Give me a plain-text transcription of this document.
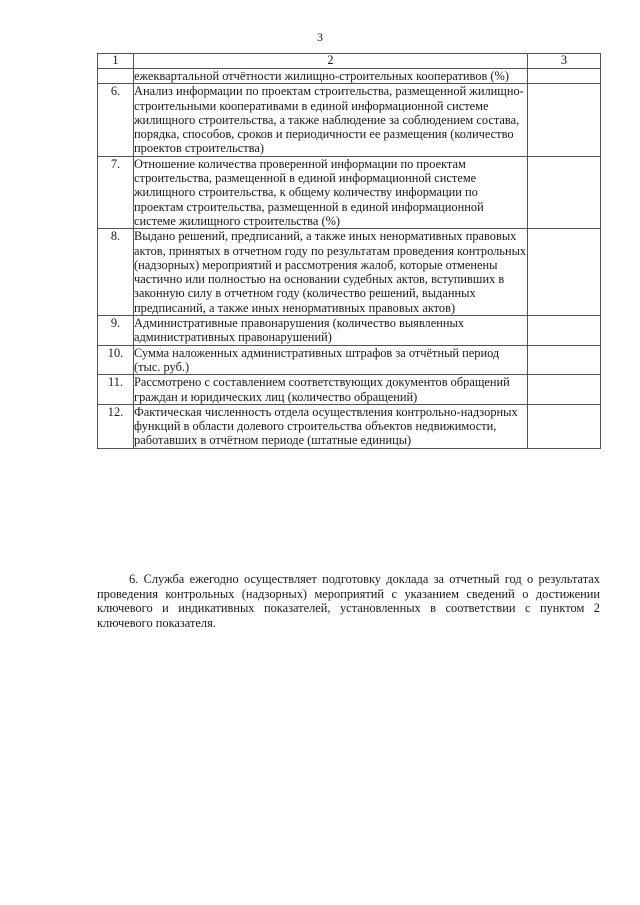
3
1	2	3
	ежеквартальной отчётности жилищно-строительных кооперативов (%)	
6.	Анализ информации по проектам строительства, размещенной жилищно-строительными кооперативами в единой информационной системе жилищного строительства, а также наблюдение за соблюдением состава, порядка, способов, сроков и периодичности ее размещения (количество проектов строительства)	
7.	Отношение количества проверенной информации по проектам строительства, размещенной в единой информационной системе жилищного строительства, к общему количеству информации по проектам строительства, размещенной в единой информационной системе жилищного строительства (%)	
8.	Выдано решений, предписаний, а также иных ненормативных правовых актов, принятых в отчетном году по результатам проведения контрольных (надзорных) мероприятий и рассмотрения жалоб, которые отменены частично или полностью на основании судебных актов, вступивших в законную силу в отчетном году (количество решений, выданных предписаний, а также иных ненормативных правовых актов)	
9.	Административные правонарушения (количество выявленных административных правонарушений)	
10.	Сумма наложенных административных штрафов за отчётный период (тыс. руб.)	
11.	Рассмотрено с составлением соответствующих документов обращений граждан и юридических лиц (количество обращений)	
12.	Фактическая численность отдела осуществления контрольно-надзорных функций в области долевого строительства объектов недвижимости, работавших в отчётном периоде (штатные единицы)	
6. Служба ежегодно осуществляет подготовку доклада за отчетный год о результатах проведения контрольных (надзорных) мероприятий с указанием сведений о достижении ключевого и индикативных показателей, установленных в соответствии с пунктом 2 ключевого показателя.
